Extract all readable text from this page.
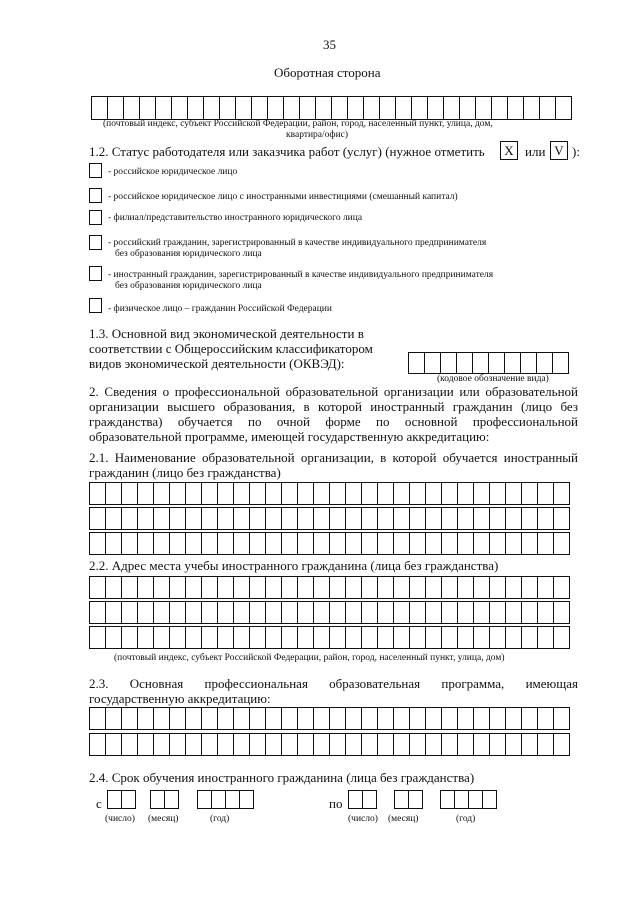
35
Оборотная сторона
(почтовый индекс, субъект Российской Федерации, район, город, населенный пункт, улица, дом,
квартира/офис)
1.2. Статус работодателя или заказчика работ (услуг) (нужное отметить	X или V ):
- российское юридическое лицо
- российское юридическое лицо с иностранными инвестициями (смешанный капитал)
- филиал/представительство иностранного юридического лица
- российский гражданин, зарегистрированный в качестве индивидуального предпринимателя
без образования юридического лица
- иностранный гражданин, зарегистрированный в качестве индивидуального предпринимателя
без образования юридического лица
- физическое лицо – гражданин Российской Федерации
1.3. Основной вид экономической деятельности в
соответствии с Общероссийским классификатором
видов экономической деятельности (ОКВЭД):
(кодовое обозначение вида)
2. Сведения о профессиональной образовательной организации или образовательной
организации высшего образования, в которой иностранный гражданин (лицо без
гражданства) обучается по очной форме по основной профессиональной
образовательной программе, имеющей государственную аккредитацию:
2.1. Наименование образовательной организации, в которой обучается иностранный
гражданин (лицо без гражданства)
2.2. Адрес места учебы иностранного гражданина (лица без гражданства)
(почтовый индекс, субъект Российской Федерации, район, город, населенный пункт, улица, дом)
2.3. Основная профессиональная образовательная программа, имеющая
государственную аккредитацию:
2.4. Срок обучения иностранного гражданина (лица без гражданства)
с
(число) (месяц)	(год)
по
(число) (месяц)	(год)
